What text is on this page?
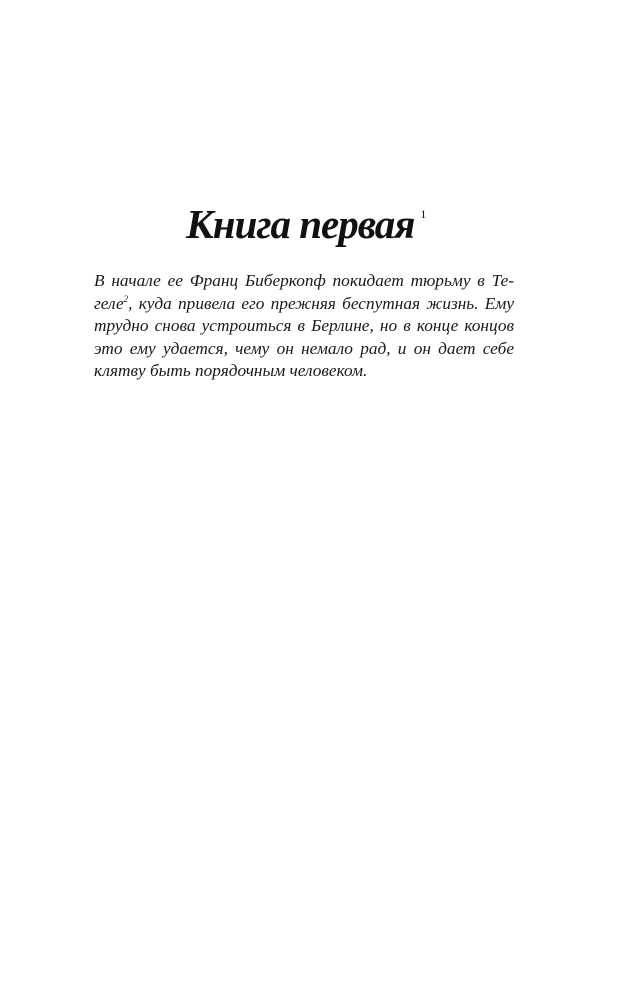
Книга первая $^1$

В начале ее Франц Биберкопф покидает тюрьму в Те-
геле$^2$, куда привела его прежняя беспутная жизнь. Ему
трудно снова устроиться в Берлине, но в конце концов
это ему удается, чему он немало рад, и он дает себе
клятву быть порядочным человеком.
